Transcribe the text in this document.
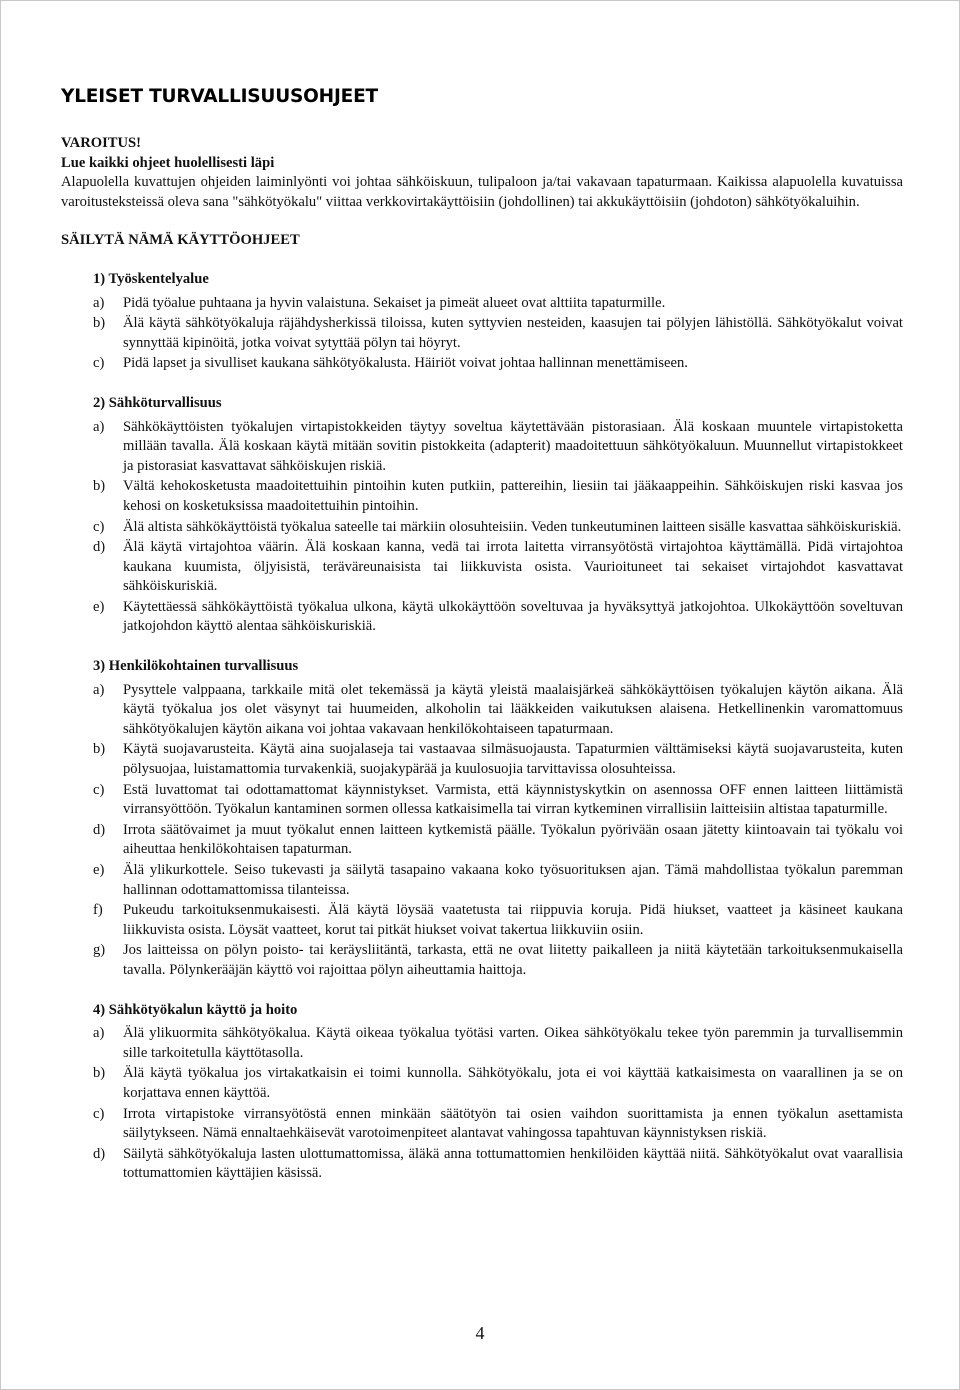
YLEISET TURVALLISUUSOHJEET

VAROITUS!

Lue kaikki ohjeet huolellisesti läpi

Alapuolella kuvattujen ohjeiden laiminlyönti voi johtaa sähköiskuun, tulipaloon ja/tai vakavaan tapaturmaan. Kaikissa alapuolella kuvatuissa varoitusteksteissä oleva sana "sähkötyökalu" viittaa verkkovirtakäyttöisiin (johdollinen) tai akkukäyttöisiin (johdoton) sähkötyökaluihin.

SÄILYTÄ NÄMÄ KÄYTTÖOHJEET

1) Työskentelyalue
a) Pidä työalue puhtaana ja hyvin valaistuna. Sekaiset ja pimeät alueet ovat alttiita tapaturmille.
b) Älä käytä sähkötyökaluja räjähdysherkissä tiloissa, kuten syttyvien nesteiden, kaasujen tai pölyjen lähistöllä. Sähkötyökalut voivat synnyttää kipinöitä, jotka voivat sytyttää pölyn tai höyryt.
c) Pidä lapset ja sivulliset kaukana sähkötyökalusta. Häiriöt voivat johtaa hallinnan menettämiseen.
2) Sähköturvallisuus
a) Sähkökäyttöisten työkalujen virtapistokkeiden täytyy soveltua käytettävään pistorasiaan. Älä koskaan muuntele virtapistoketta millään tavalla. Älä koskaan käytä mitään sovitin pistokkeita (adapterit) maadoitettuun sähkötyökaluun. Muunnellut virtapistokkeet ja pistorasiat kasvattavat sähköiskujen riskiä.
b) Vältä kehokosketusta maadoitettuihin pintoihin kuten putkiin, pattereihin, liesiin tai jääkaappeihin. Sähköiskujen riski kasvaa jos kehosi on kosketuksissa maadoitettuihin pintoihin.
c) Älä altista sähkökäyttöistä työkalua sateelle tai märkiin olosuhteisiin. Veden tunkeutuminen laitteen sisälle kasvattaa sähköiskuriskiä.
d) Älä käytä virtajohtoa väärin. Älä koskaan kanna, vedä tai irrota laitetta virransyötöstä virtajohtoa käyttämällä. Pidä virtajohtoa kaukana kuumista, öljyisistä, teräväreunaisista tai liikkuvista osista. Vaurioituneet tai sekaiset virtajohdot kasvattavat sähköiskuriskiä.
e) Käytettäessä sähkökäyttöistä työkalua ulkona, käytä ulkokäyttöön soveltuvaa ja hyväksyttyä jatkojohtoa. Ulkokäyttöön soveltuvan jatkojohdon käyttö alentaa sähköiskuriskiä.
3) Henkilökohtainen turvallisuus
a) Pysyttele valppaana, tarkkaile mitä olet tekemässä ja käytä yleistä maalaisjärkeä sähkökäyttöisen työkalujen käytön aikana. Älä käytä työkalua jos olet väsynyt tai huumeiden, alkoholin tai lääkkeiden vaikutuksen alaisena. Hetkellinenkin varomattomuus sähkötyökalujen käytön aikana voi johtaa vakavaan henkilökohtaiseen tapaturmaan.
b) Käytä suojavarusteita. Käytä aina suojalaseja tai vastaavaa silmäsuojausta. Tapaturmien välttämiseksi käytä suojavarusteita, kuten pölysuojaa, luistamattomia turvakenkiä, suojakypärää ja kuulosuojia tarvittavissa olosuhteissa.
c) Estä luvattomat tai odottamattomat käynnistykset. Varmista, että käynnistyskytkin on asennossa OFF ennen laitteen liittämistä virransyöttöön. Työkalun kantaminen sormen ollessa katkaisimella tai virran kytkeminen virrallisiin laitteisiin altistaa tapaturmille.
d) Irrota säätövaimet ja muut työkalut ennen laitteen kytkemistä päälle. Työkalun pyörivään osaan jätetty kiintoavain tai työkalu voi aiheuttaa henkilökohtaisen tapaturman.
e) Älä ylikurkottele. Seiso tukevasti ja säilytä tasapaino vakaana koko työsuorituksen ajan. Tämä mahdollistaa työkalun paremman hallinnan odottamattomissa tilanteissa.
f) Pukeudu tarkoituksenmukaisesti. Älä käytä löysää vaatetusta tai riippuvia koruja. Pidä hiukset, vaatteet ja käsineet kaukana liikkuvista osista. Löysät vaatteet, korut tai pitkät hiukset voivat takertua liikkuviin osiin.
g) Jos laitteissa on pölyn poisto- tai keräysliitäntä, tarkasta, että ne ovat liitetty paikalleen ja niitä käytetään tarkoituksenmukaisella tavalla. Pölynkerääjän käyttö voi rajoittaa pölyn aiheuttamia haittoja.
4) Sähkötyökalun käyttö ja hoito
a) Älä ylikuormita sähkötyökalua. Käytä oikeaa työkalua työtäsi varten. Oikea sähkötyökalu tekee työn paremmin ja turvallisemmin sille tarkoitetulla käyttötasolla.
b) Älä käytä työkalua jos virtakatkaisin ei toimi kunnolla. Sähkötyökalu, jota ei voi käyttää katkaisimesta on vaarallinen ja se on korjattava ennen käyttöä.
c) Irrota virtapistoke virransyötöstä ennen minkään säätötyön tai osien vaihdon suorittamista ja ennen työkalun asettamista säilytykseen. Nämä ennaltaehkäisevät varotoimenpiteet alantavat vahingossa tapahtuvan käynnistyksen riskiä.
d) Säilytä sähkötyökaluja lasten ulottumattomissa, äläkä anna tottumattomien henkilöiden käyttää niitä. Sähkötyökalut ovat vaarallisia tottumattomien käyttäjien käsissä.
4
